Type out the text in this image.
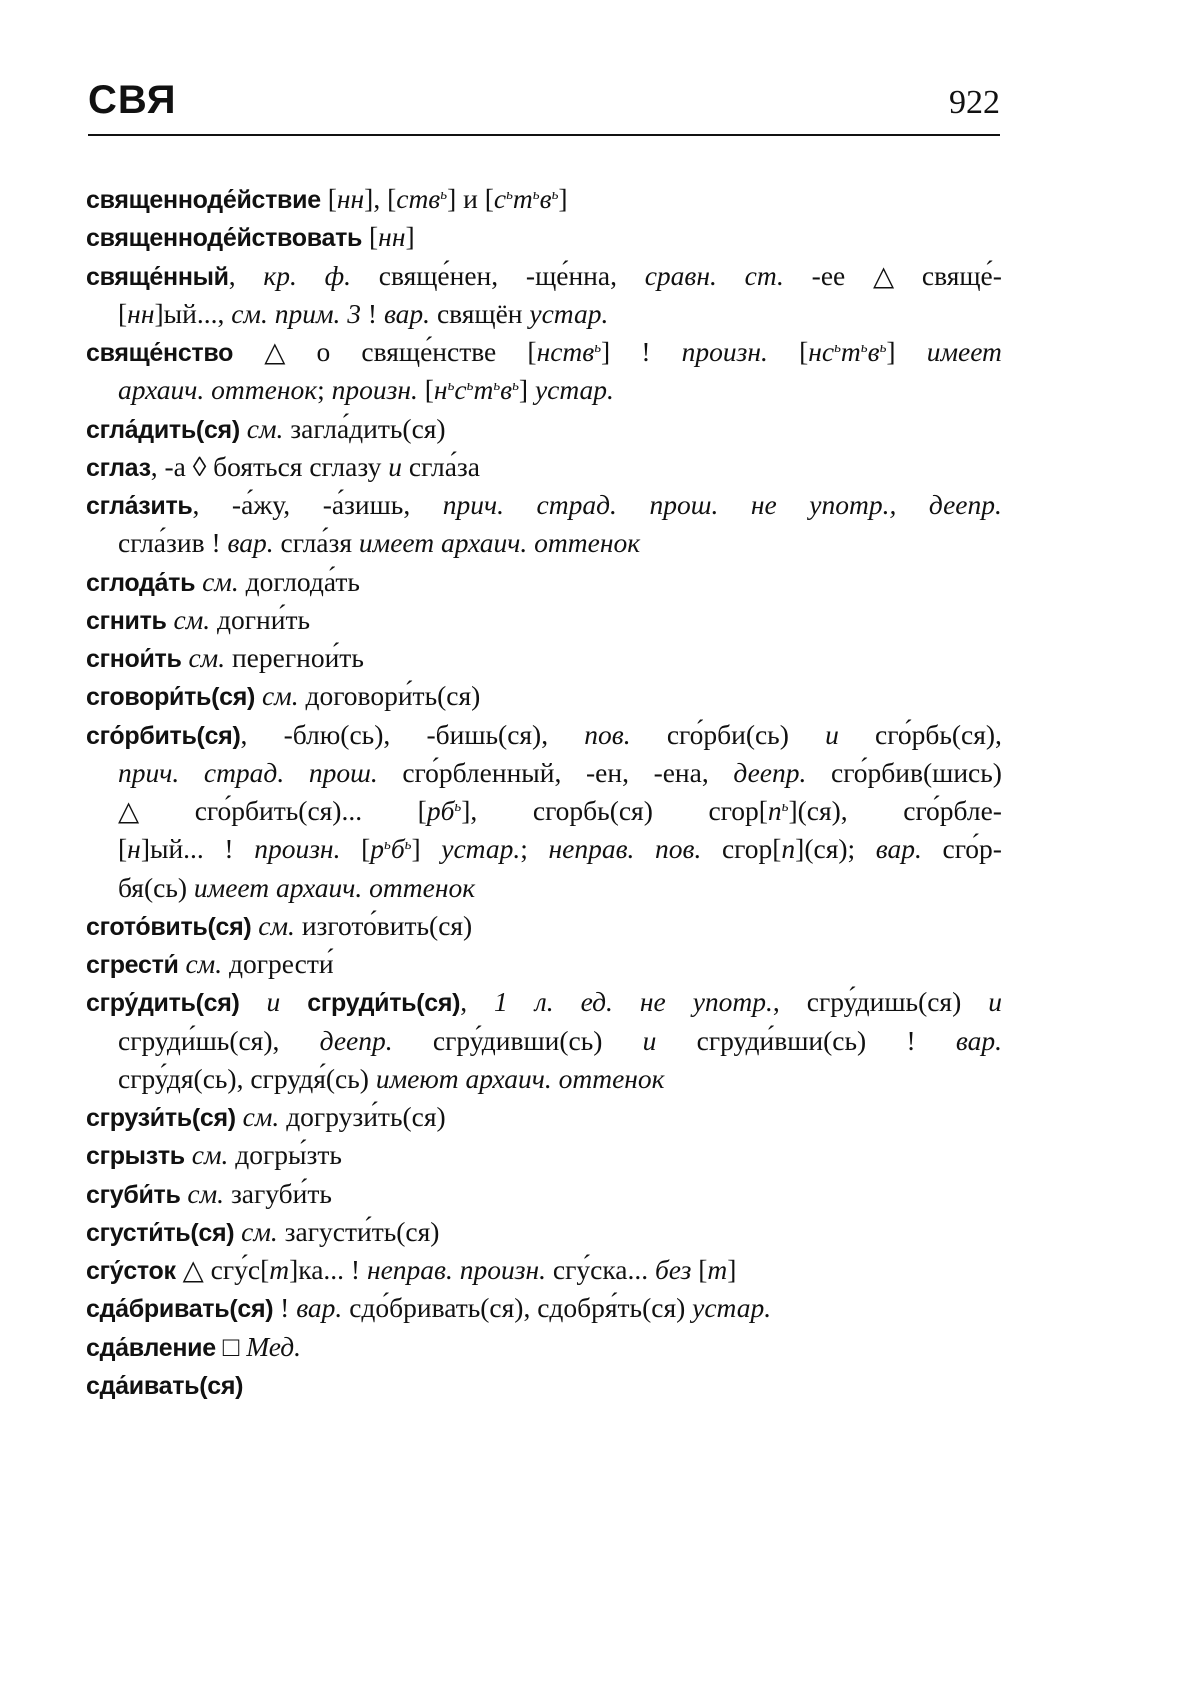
СВЯ	922
священноде́йствие [нн], [ств$^ь$] и $[с^ьт^ьв^ь]$
священноде́йствовать [нн]
свяще́нный, кр. ф. свяще́нен, -ще́нна, сравн. ст. -ее △ свяще́-
[нн]ый..., см. прим. 3 ! вар. свящён устар.
свяще́нство △ о свяще́нстве [нств$^ь$] ! произн. $[нс^ьт^ьв^ь]$ имеет
архаич. оттенок; произн. $[н^ьс^ьт^ьв^ь]$ устар.
сгла́дить(ся) см. загла́дить(ся)
сглаз, -а ◊ бояться сглазу и сгла́за
сгла́зить, -а́жу, -а́зишь, прич. страд. прош. не употр., деепр.
сгла́зив ! вар. сгла́зя имеет архаич. оттенок
сглода́ть см. доглода́ть
сгнить см. догни́ть
сгнои́ть см. перегнои́ть
сговори́ть(ся) см. договори́ть(ся)
сго́рбить(ся), -блю(сь), -бишь(ся), пов. сго́рби(сь) и сго́рбь(ся),
прич. страд. прош. сго́рбленный, -ен, -ена, деепр. сго́рбив(шись)
△ сго́рбить(ся)... $[рб^ь]$, сгорбь(ся) $сгор[п^ь](ся)$, сго́рбле-
[н]ый... ! произн. $[р^ьб^ь]$ устар.; неправ. пов. сгор[п](ся); вар. сго́р-
бя(сь) имеет архаич. оттенок
сгото́вить(ся) см. изгото́вить(ся)
сгрести́ см. догрести́
сгру́дить(ся) и сгруди́ть(ся), 1 л. ед. не употр., сгру́дишь(ся) и
сгруди́шь(ся), деепр. сгру́дивши(сь) и сгруди́вши(сь) ! вар.
сгру́дя(сь), сгрудя́(сь) имеют архаич. оттенок
сгрузи́ть(ся) см. догрузи́ть(ся)
сгрызть см. догры́зть
сгуби́ть см. загуби́ть
сгусти́ть(ся) см. загусти́ть(ся)
сгу́сток △ сгу́с[т]ка... ! неправ. произн. сгу́ска... без [т]
сда́бривать(ся) ! вар. сдо́бривать(ся), сдобря́ть(ся) устар.
сда́вление □ Мед.
сда́ивать(ся)
